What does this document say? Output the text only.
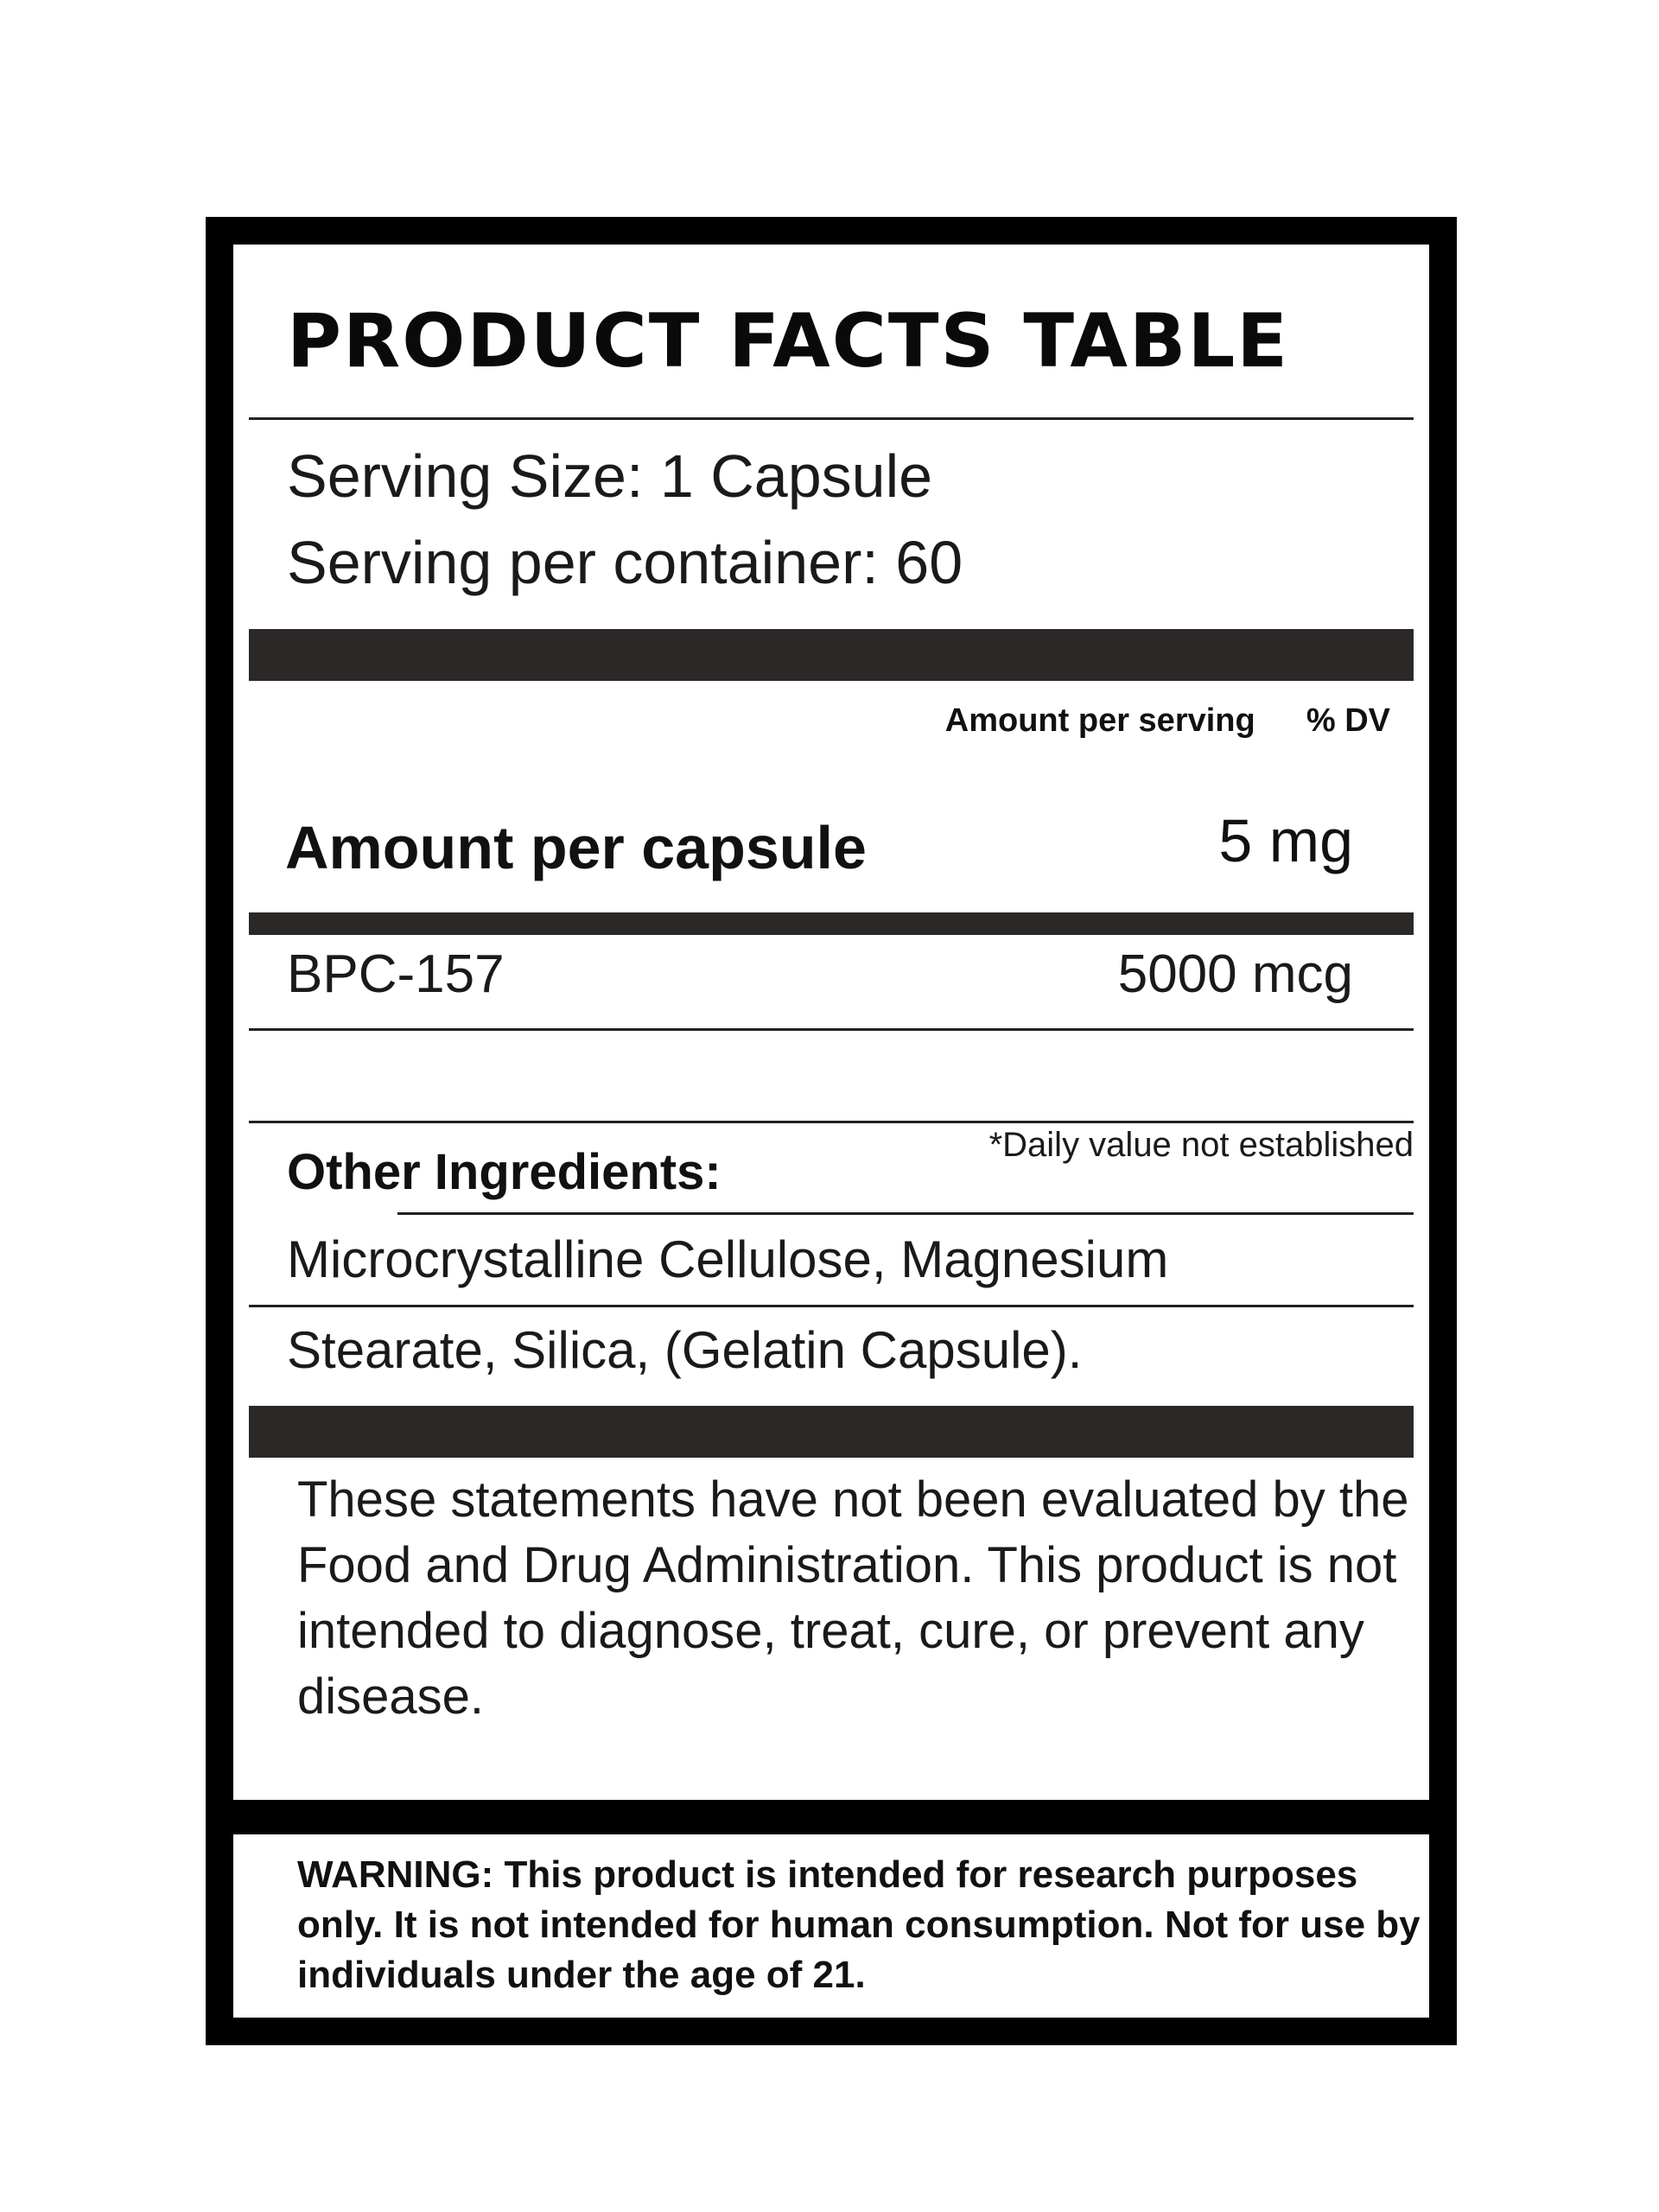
PRODUCT FACTS TABLE
Serving Size: 1 Capsule
Serving per container: 60
Amount per serving % DV
Amount per capsule	5 mg
BPC-157	5000 mcg
*Daily value not established
Other Ingredients:
Microcrystalline Cellulose, Magnesium
Stearate, Silica, (Gelatin Capsule).
These statements have not been evaluated by the Food and Drug Administration. This product is not intended to diagnose, treat, cure, or prevent any disease.
WARNING: This product is intended for research purposes only. It is not intended for human consumption. Not for use by individuals under the age of 21.
